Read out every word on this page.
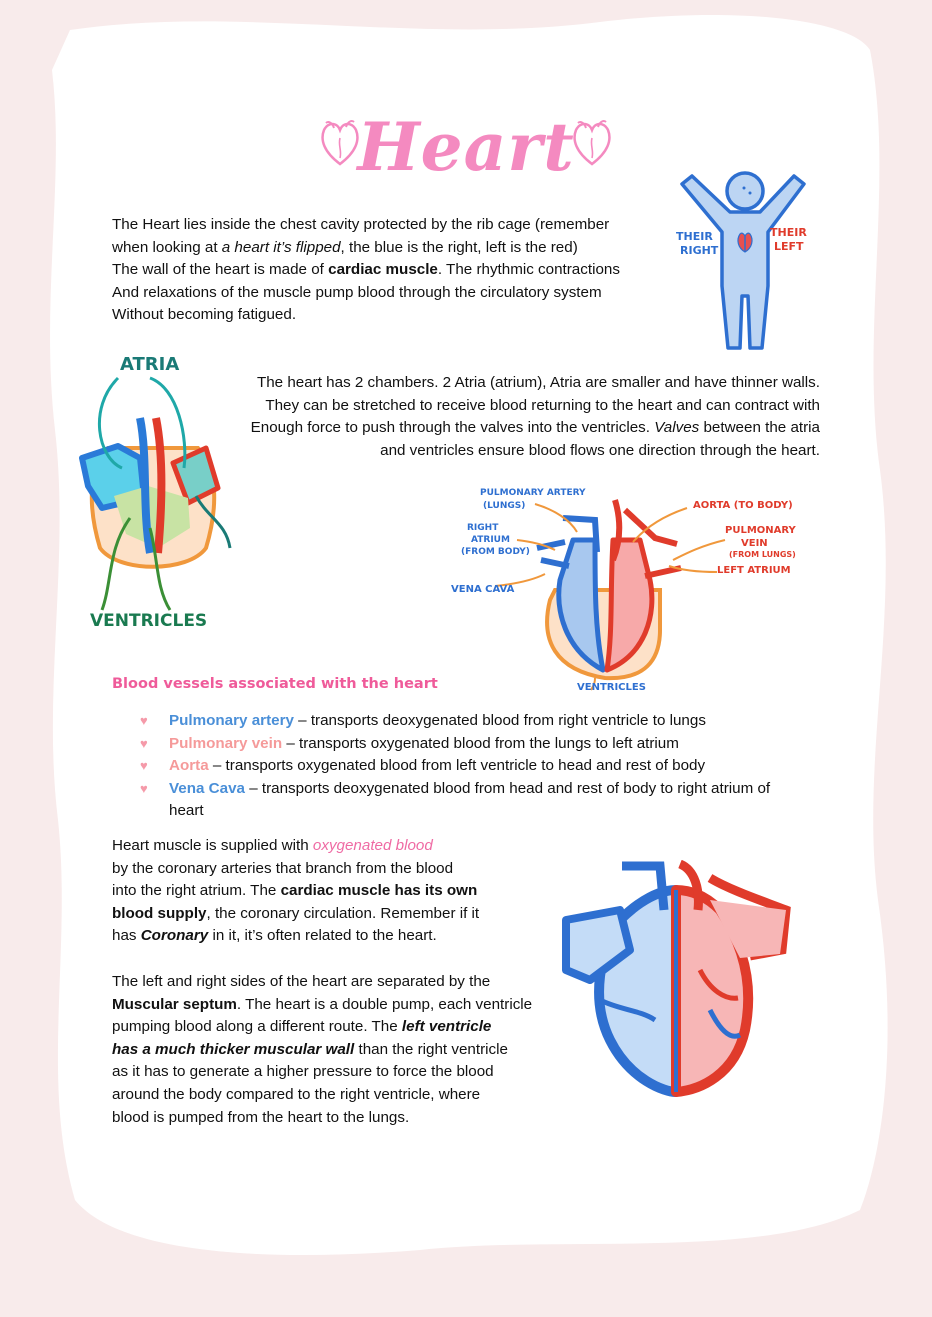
Heart

The Heart lies inside the chest cavity protected by the rib cage (remember

when looking at a heart it’s flipped, the blue is the right, left is the red)

The wall of the heart is made of cardiac muscle. The rhythmic contractions

And relaxations of the muscle pump blood through the circulatory system

Without becoming fatigued.

THEIR
RIGHT
THEIR
LEFT
ATRIA
VENTRICLES

The heart has 2 chambers. 2 Atria (atrium), Atria are smaller and have thinner walls.

They can be stretched to receive blood returning to the heart and can contract with

Enough force to push through the valves into the ventricles. Valves between the atria

and ventricles ensure blood flows one direction through the heart.

PULMONARY ARTERY
(LUNGS)
RIGHT
ATRIUM
(FROM BODY)
VENA CAVA
AORTA (TO BODY)
PULMONARY
VEIN
(FROM LUNGS)
LEFT ATRIUM
VENTRICLES
Blood vessels associated with the heart
♥ Pulmonary artery – transports deoxygenated blood from right ventricle to lungs
♥ Pulmonary vein – transports oxygenated blood from the lungs to left atrium
♥ Aorta – transports oxygenated blood from left ventricle to head and rest of body
♥ Vena Cava – transports deoxygenated blood from head and rest of body to right atrium of heart

Heart muscle is supplied with oxygenated blood

by the coronary arteries that branch from the blood

into the right atrium. The cardiac muscle has its own

blood supply, the coronary circulation. Remember if it

has Coronary in it, it’s often related to the heart.

The left and right sides of the heart are separated by the

Muscular septum. The heart is a double pump, each ventricle

pumping blood along a different route. The left ventricle

has a much thicker muscular wall than the right ventricle

as it has to generate a higher pressure to force the blood

around the body compared to the right ventricle, where

blood is pumped from the heart to the lungs.
